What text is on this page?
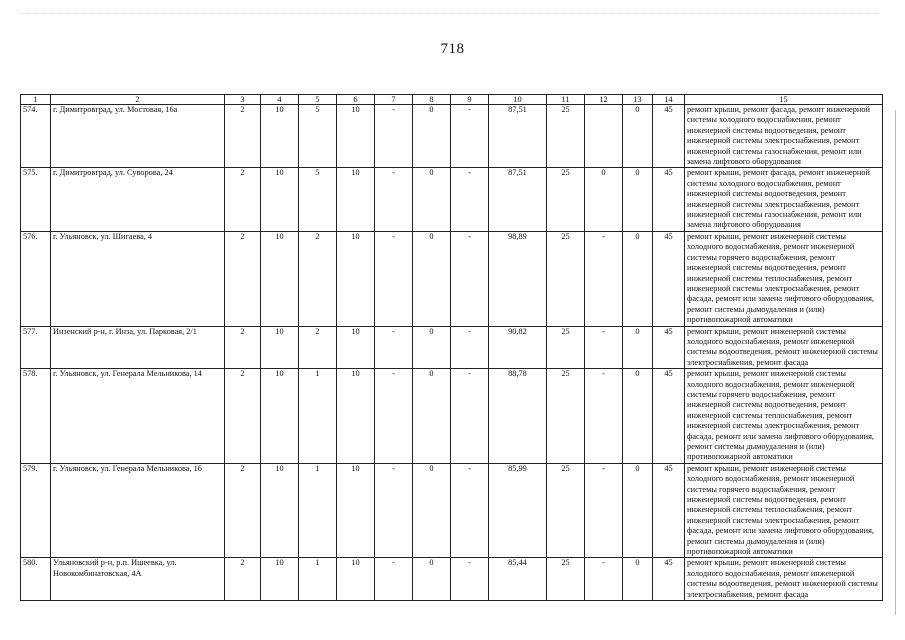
718
1	2	3	4	5	6	7	8	9	10	11	12	13	14	15
574.	г. Димитровград, ул. Мостовая, 16а	2	10	5	10	-	0	-	87,51	25		0	45	ремонт крыши, ремонт фасада, ремонт инженерной системы холодного водоснабжения, ремонт инженерной системы водоотведения, ремонт инженерной системы электроснабжения, ремонт инженерной системы газоснабжения, ремонт или замена лифтового оборудования
575.	г. Димитровград, ул. Суворова, 24	2	10	5	10	-	0	-	87,51	25	0	0	45	ремонт крыши, ремонт фасада, ремонт инженерной системы холодного водоснабжения, ремонт инженерной системы водоотведения, ремонт инженерной системы электроснабжения, ремонт инженерной системы газоснабжения, ремонт или замена лифтового оборудования
576.	г. Ульяновск, ул. Шигаева, 4	2	10	2	10	-	0	-	98,89	25	-	0	45	ремонт крыши, ремонт инженерной системы холодного водоснабжения, ремонт инженерной системы горячего водоснабжения, ремонт инженерной системы водоотведения, ремонт инженерной системы теплоснабжения, ремонт инженерной системы электроснабжения, ремонт фасада, ремонт или замена лифтового оборудования, ремонт системы дымоудаления и (или) противопожарной автоматики
577.	Инзенский р-н, г. Инза, ул. Парковая, 2/1	2	10	2	10	-	0	-	90,82	25	-	0	45	ремонт крыши, ремонт инженерной системы холодного водоснабжения, ремонт инженерной системы водоотведения, ремонт инженерной системы электроснабжения, ремонт фасада
578.	г. Ульяновск, ул. Генерала Мельникова, 14	2	10	1	10	-	0	-	88,78	25	-	0	45	ремонт крыши, ремонт инженерной системы холодного водоснабжения, ремонт инженерной системы горячего водоснабжения, ремонт инженерной системы водоотведения, ремонт инженерной системы теплоснабжения, ремонт инженерной системы электроснабжения, ремонт фасада, ремонт или замена лифтового оборудования, ремонт системы дымоудаления и (или) противопожарной автоматики
579.	г. Ульяновск, ул. Генерала Мельникова, 16	2	10	1	10	-	0	-	85,99	25	-	0	45	ремонт крыши, ремонт инженерной системы холодного водоснабжения, ремонт инженерной системы горячего водоснабжения, ремонт инженерной системы водоотведения, ремонт инженерной системы теплоснабжения, ремонт инженерной системы электроснабжения, ремонт фасада, ремонт или замена лифтового оборудования, ремонт системы дымоудаления и (или) противопожарной автоматики
580.	Ульяновский р-н, р.п. Ишеевка, ул. Новокомбинатовская, 4А	2	10	1	10	-	0	-	85,44	25	-	0	45	ремонт крыши, ремонт инженерной системы холодного водоснабжения, ремонт инженерной системы водоотведения, ремонт инженерной системы электроснабжения, ремонт фасада
